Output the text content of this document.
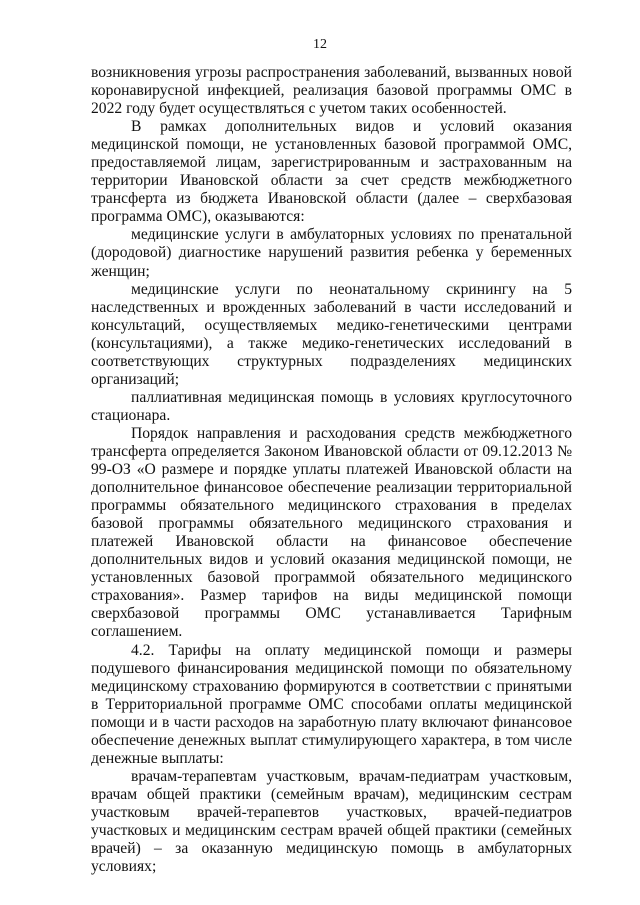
12

возникновения угрозы распространения заболеваний, вызванных новой коронавирусной инфекцией, реализация базовой программы ОМС в 2022 году будет осуществляться с учетом таких особенностей.

В рамках дополнительных видов и условий оказания медицинской помощи, не установленных базовой программой ОМС, предоставляемой лицам, зарегистрированным и застрахованным на территории Ивановской области за счет средств межбюджетного трансферта из бюджета Ивановской области (далее – сверхбазовая программа ОМС), оказываются:

медицинские услуги в амбулаторных условиях по пренатальной (дородовой) диагностике нарушений развития ребенка у беременных женщин;

медицинские услуги по неонатальному скринингу на 5 наследственных и врожденных заболеваний в части исследований и консультаций, осуществляемых медико-генетическими центрами (консультациями), а также медико-генетических исследований в соответствующих структурных подразделениях медицинских организаций;

паллиативная медицинская помощь в условиях круглосуточного стационара.

Порядок направления и расходования средств межбюджетного трансферта определяется Законом Ивановской области от 09.12.2013 № 99-ОЗ «О размере и порядке уплаты платежей Ивановской области на дополнительное финансовое обеспечение реализации территориальной программы обязательного медицинского страхования в пределах базовой программы обязательного медицинского страхования и платежей Ивановской области на финансовое обеспечение дополнительных видов и условий оказания медицинской помощи, не установленных базовой программой обязательного медицинского страхования». Размер тарифов на виды медицинской помощи сверхбазовой программы ОМС устанавливается Тарифным соглашением.

4.2. Тарифы на оплату медицинской помощи и размеры подушевого финансирования медицинской помощи по обязательному медицинскому страхованию формируются в соответствии с принятыми в Территориальной программе ОМС способами оплаты медицинской помощи и в части расходов на заработную плату включают финансовое обеспечение денежных выплат стимулирующего характера, в том числе денежные выплаты:

врачам-терапевтам участковым, врачам-педиатрам участковым, врачам общей практики (семейным врачам), медицинским сестрам участковым врачей-терапевтов участковых, врачей-педиатров участковых и медицинским сестрам врачей общей практики (семейных врачей) – за оказанную медицинскую помощь в амбулаторных условиях;
